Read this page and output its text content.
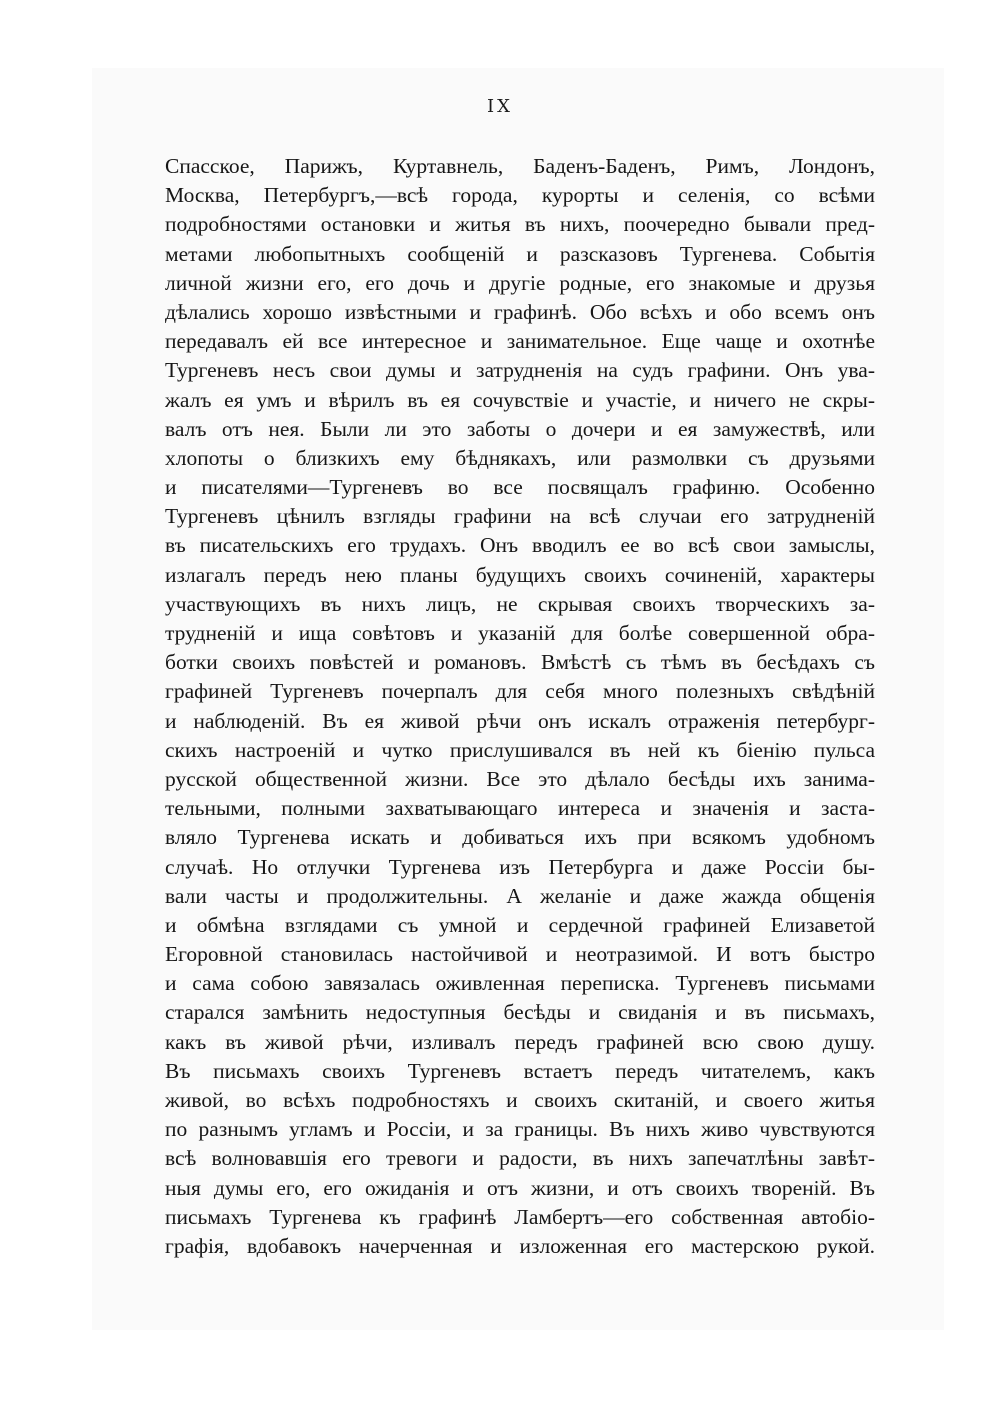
IX
Спасское, Парижъ, Куртавнель, Баденъ-Баденъ, Римъ, Лондонъ,
Москва, Петербургъ,—всѣ города, курорты и селенія, со всѣми
подробностями остановки и житья въ нихъ, поочередно бывали пред-
метами любопытныхъ сообщеній и разсказовъ Тургенева. Событія
личной жизни его, его дочь и другіе родные, его знакомые и друзья
дѣлались хорошо извѣстными и графинѣ. Обо всѣхъ и обо всемъ онъ
передавалъ ей все интересное и занимательное. Еще чаще и охотнѣе
Тургеневъ несъ свои думы и затрудненія на судъ графини. Онъ ува-
жалъ ея умъ и вѣрилъ въ ея сочувствіе и участіе, и ничего не скры-
валъ отъ нея. Были ли это заботы о дочери и ея замужествѣ, или
хлопоты о близкихъ ему бѣднякахъ, или размолвки съ друзьями
и писателями—Тургеневъ во все посвящалъ графиню. Особенно
Тургеневъ цѣнилъ взгляды графини на всѣ случаи его затрудненій
въ писательскихъ его трудахъ. Онъ вводилъ ее во всѣ свои замыслы,
излагалъ передъ нею планы будущихъ своихъ сочиненій, характеры
участвующихъ въ нихъ лицъ, не скрывая своихъ творческихъ за-
трудненій и ища совѣтовъ и указаній для болѣе совершенной обра-
ботки своихъ повѣстей и романовъ. Вмѣстѣ съ тѣмъ въ бесѣдахъ съ
графиней Тургеневъ почерпалъ для себя много полезныхъ свѣдѣній
и наблюденій. Въ ея живой рѣчи онъ искалъ отраженія петербург-
скихъ настроеній и чутко прислушивался въ ней къ біенію пульса
русской общественной жизни. Все это дѣлало бесѣды ихъ занима-
тельными, полными захватывающаго интереса и значенія и заста-
вляло Тургенева искать и добиваться ихъ при всякомъ удобномъ
случаѣ. Но отлучки Тургенева изъ Петербурга и даже Россіи бы-
вали часты и продолжительны. А желаніе и даже жажда общенія
и обмѣна взглядами съ умной и сердечной графиней Елизаветой
Егоровной становилась настойчивой и неотразимой. И вотъ быстро
и сама собою завязалась оживленная переписка. Тургеневъ письмами
старался замѣнить недоступныя бесѣды и свиданія и въ письмахъ,
какъ въ живой рѣчи, изливалъ передъ графиней всю свою душу.
Въ письмахъ своихъ Тургеневъ встаетъ передъ читателемъ, какъ
живой, во всѣхъ подробностяхъ и своихъ скитаній, и своего житья
по разнымъ угламъ и Россіи, и за границы. Въ нихъ живо чувствуются
всѣ волновавшія его тревоги и радости, въ нихъ запечатлѣны завѣт-
ныя думы его, его ожиданія и отъ жизни, и отъ своихъ твореній. Въ
письмахъ Тургенева къ графинѣ Ламбертъ—его собственная автобіо-
графія, вдобавокъ начерченная и изложенная его мастерскою рукой.
